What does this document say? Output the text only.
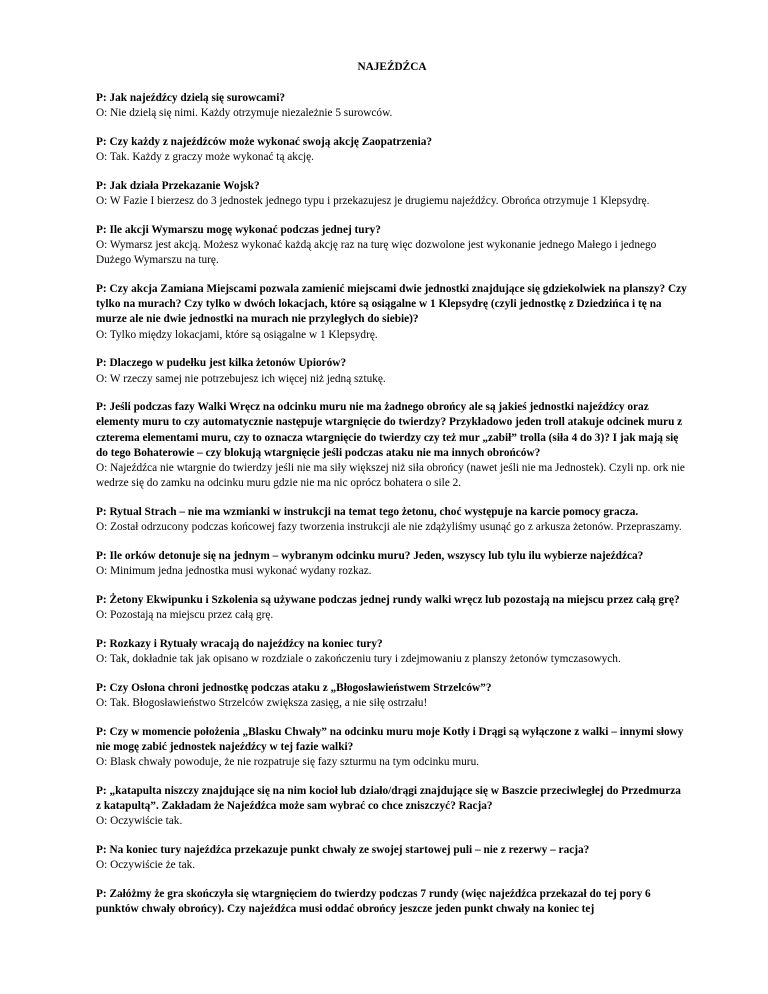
NAJEŹDŹCA

P: Jak najeźdźcy dzielą się surowcami?

O: Nie dzielą się nimi. Każdy otrzymuje niezależnie 5 surowców.

P: Czy każdy z najeźdźców może wykonać swoją akcję Zaopatrzenia?

O: Tak. Każdy z graczy może wykonać tą akcję.

P: Jak działa Przekazanie Wojsk?

O: W Fazie I bierzesz do 3 jednostek jednego typu i przekazujesz je drugiemu najeźdźcy. Obrońca otrzymuje 1 Klepsydrę.

P: Ile akcji Wymarszu mogę wykonać podczas jednej tury?

O: Wymarsz jest akcją. Możesz wykonać każdą akcję raz na turę więc dozwolone jest wykonanie jednego Małego i jednego Dużego Wymarszu na turę.

P: Czy akcja Zamiana Miejscami pozwala zamienić miejscami dwie jednostki znajdujące się gdziekolwiek na planszy? Czy tylko na murach? Czy tylko w dwóch lokacjach, które są osiągalne w 1 Klepsydrę (czyli jednostkę z Dziedzińca i tę na murze ale nie dwie jednostki na murach nie przyległych do siebie)?

O: Tylko między lokacjami, które są osiągalne w 1 Klepsydrę.

P: Dlaczego w pudełku jest kilka żetonów Upiorów?

O: W rzeczy samej nie potrzebujesz ich więcej niż jedną sztukę.

P: Jeśli podczas fazy Walki Wręcz na odcinku muru nie ma żadnego obrońcy ale są jakieś jednostki najeźdźcy oraz elementy muru to czy automatycznie następuje wtargnięcie do twierdzy? Przykładowo jeden troll atakuje odcinek muru z czterema elementami muru, czy to oznacza wtargnięcie do twierdzy czy też mur „zabił” trolla (siła 4 do 3)? I jak mają się do tego Bohaterowie – czy blokują wtargnięcie jeśli podczas ataku nie ma innych obrońców?

O: Najeźdźca nie wtargnie do twierdzy jeśli nie ma siły większej niż siła obrońcy (nawet jeśli nie ma Jednostek). Czyli np. ork nie wedrze się do zamku na odcinku muru gdzie nie ma nic oprócz bohatera o sile 2.

P: Rytual Strach – nie ma wzmianki w instrukcji na temat tego żetonu, choć występuje na karcie pomocy gracza.

O: Został odrzucony podczas końcowej fazy tworzenia instrukcji ale nie zdążyliśmy usunąć go z arkusza żetonów. Przepraszamy.

P: Ile orków detonuje się na jednym – wybranym odcinku muru? Jeden, wszyscy lub tylu ilu wybierze najeźdźca?

O: Minimum jedna jednostka musi wykonać wydany rozkaz.

P: Żetony Ekwipunku i Szkolenia są używane podczas jednej rundy walki wręcz lub pozostają na miejscu przez całą grę?

O: Pozostają na miejscu przez całą grę.

P: Rozkazy i Rytuały wracają do najeźdźcy na koniec tury?

O: Tak, dokładnie tak jak opisano w rozdziale o zakończeniu tury i zdejmowaniu z planszy żetonów tymczasowych.

P: Czy Osłona chroni jednostkę podczas ataku z „Błogosławieństwem Strzelców”?

O: Tak. Błogosławieństwo Strzelców zwiększa zasięg, a nie siłę ostrzału!

P: Czy w momencie położenia „Blasku Chwały” na odcinku muru moje Kotły i Drągi są wyłączone z walki – innymi słowy nie mogę zabić jednostek najeźdźcy w tej fazie walki?

O: Blask chwały powoduje, że nie rozpatruje się fazy szturmu na tym odcinku muru.

P: „katapulta niszczy znajdujące się na nim kocioł lub działo/drągi znajdujące się w Baszcie przeciwległej do Przedmurza z katapultą”. Zakładam że Najeźdźca może sam wybrać co chce zniszczyć? Racja?

O: Oczywiście tak.

P: Na koniec tury najeźdźca przekazuje punkt chwały ze swojej startowej puli – nie z rezerwy – racja?

O: Oczywiście że tak.

P: Załóżmy że gra skończyła się wtargnięciem do twierdzy podczas 7 rundy (więc najeźdźca przekazał do tej pory 6 punktów chwały obrońcy). Czy najeźdźca musi oddać obrońcy jeszcze jeden punkt chwały na koniec tej
